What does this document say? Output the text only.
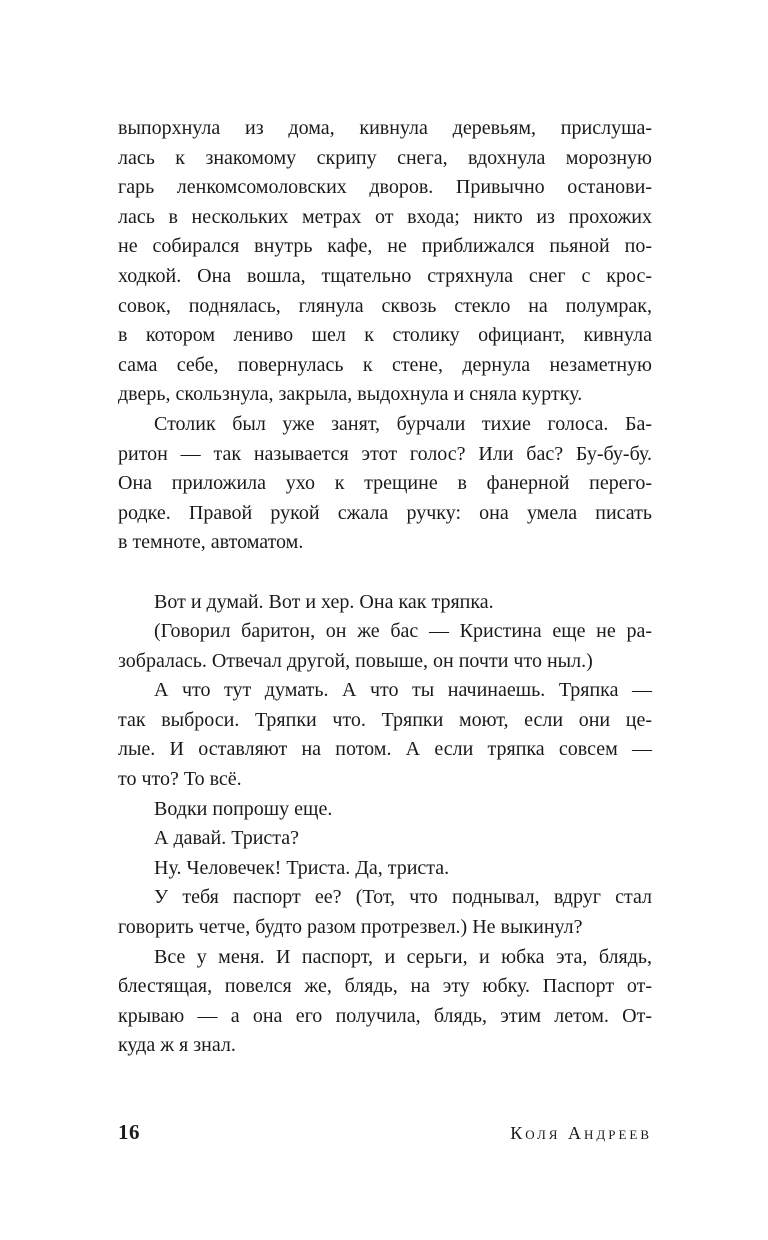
выпорхнула из дома, кивнула деревьям, прислуша-
лась к знакомому скрипу снега, вдохнула морозную
гарь ленкомсомоловских дворов. Привычно останови-
лась в нескольких метрах от входа; никто из прохожих
не собирался внутрь кафе, не приближался пьяной по-
ходкой. Она вошла, тщательно стряхнула снег с крос-
совок, поднялась, глянула сквозь стекло на полумрак,
в котором лениво шел к столику официант, кивнула
сама себе, повернулась к стене, дернула незаметную
дверь, скользнула, закрыла, выдохнула и сняла куртку.
Столик был уже занят, бурчали тихие голоса. Ба-
ритон — так называется этот голос? Или бас? Бу-бу-бу.
Она приложила ухо к трещине в фанерной перего-
родке. Правой рукой сжала ручку: она умела писать
в темноте, автоматом.
Вот и думай. Вот и хер. Она как тряпка.
(Говорил баритон, он же бас — Кристина еще не ра-
зобралась. Отвечал другой, повыше, он почти что ныл.)
А что тут думать. А что ты начинаешь. Тряпка —
так выброси. Тряпки что. Тряпки моют, если они це-
лые. И оставляют на потом. А если тряпка совсем —
то что? То всё.
Водки попрошу еще.
А давай. Триста?
Ну. Человечек! Триста. Да, триста.
У тебя паспорт ее? (Тот, что поднывал, вдруг стал
говорить четче, будто разом протрезвел.) Не выкинул?
Все у меня. И паспорт, и серьги, и юбка эта, блядь,
блестящая, повелся же, блядь, на эту юбку. Паспорт от-
крываю — а она его получила, блядь, этим летом. От-
куда ж я знал.
16	Коля Андреев
